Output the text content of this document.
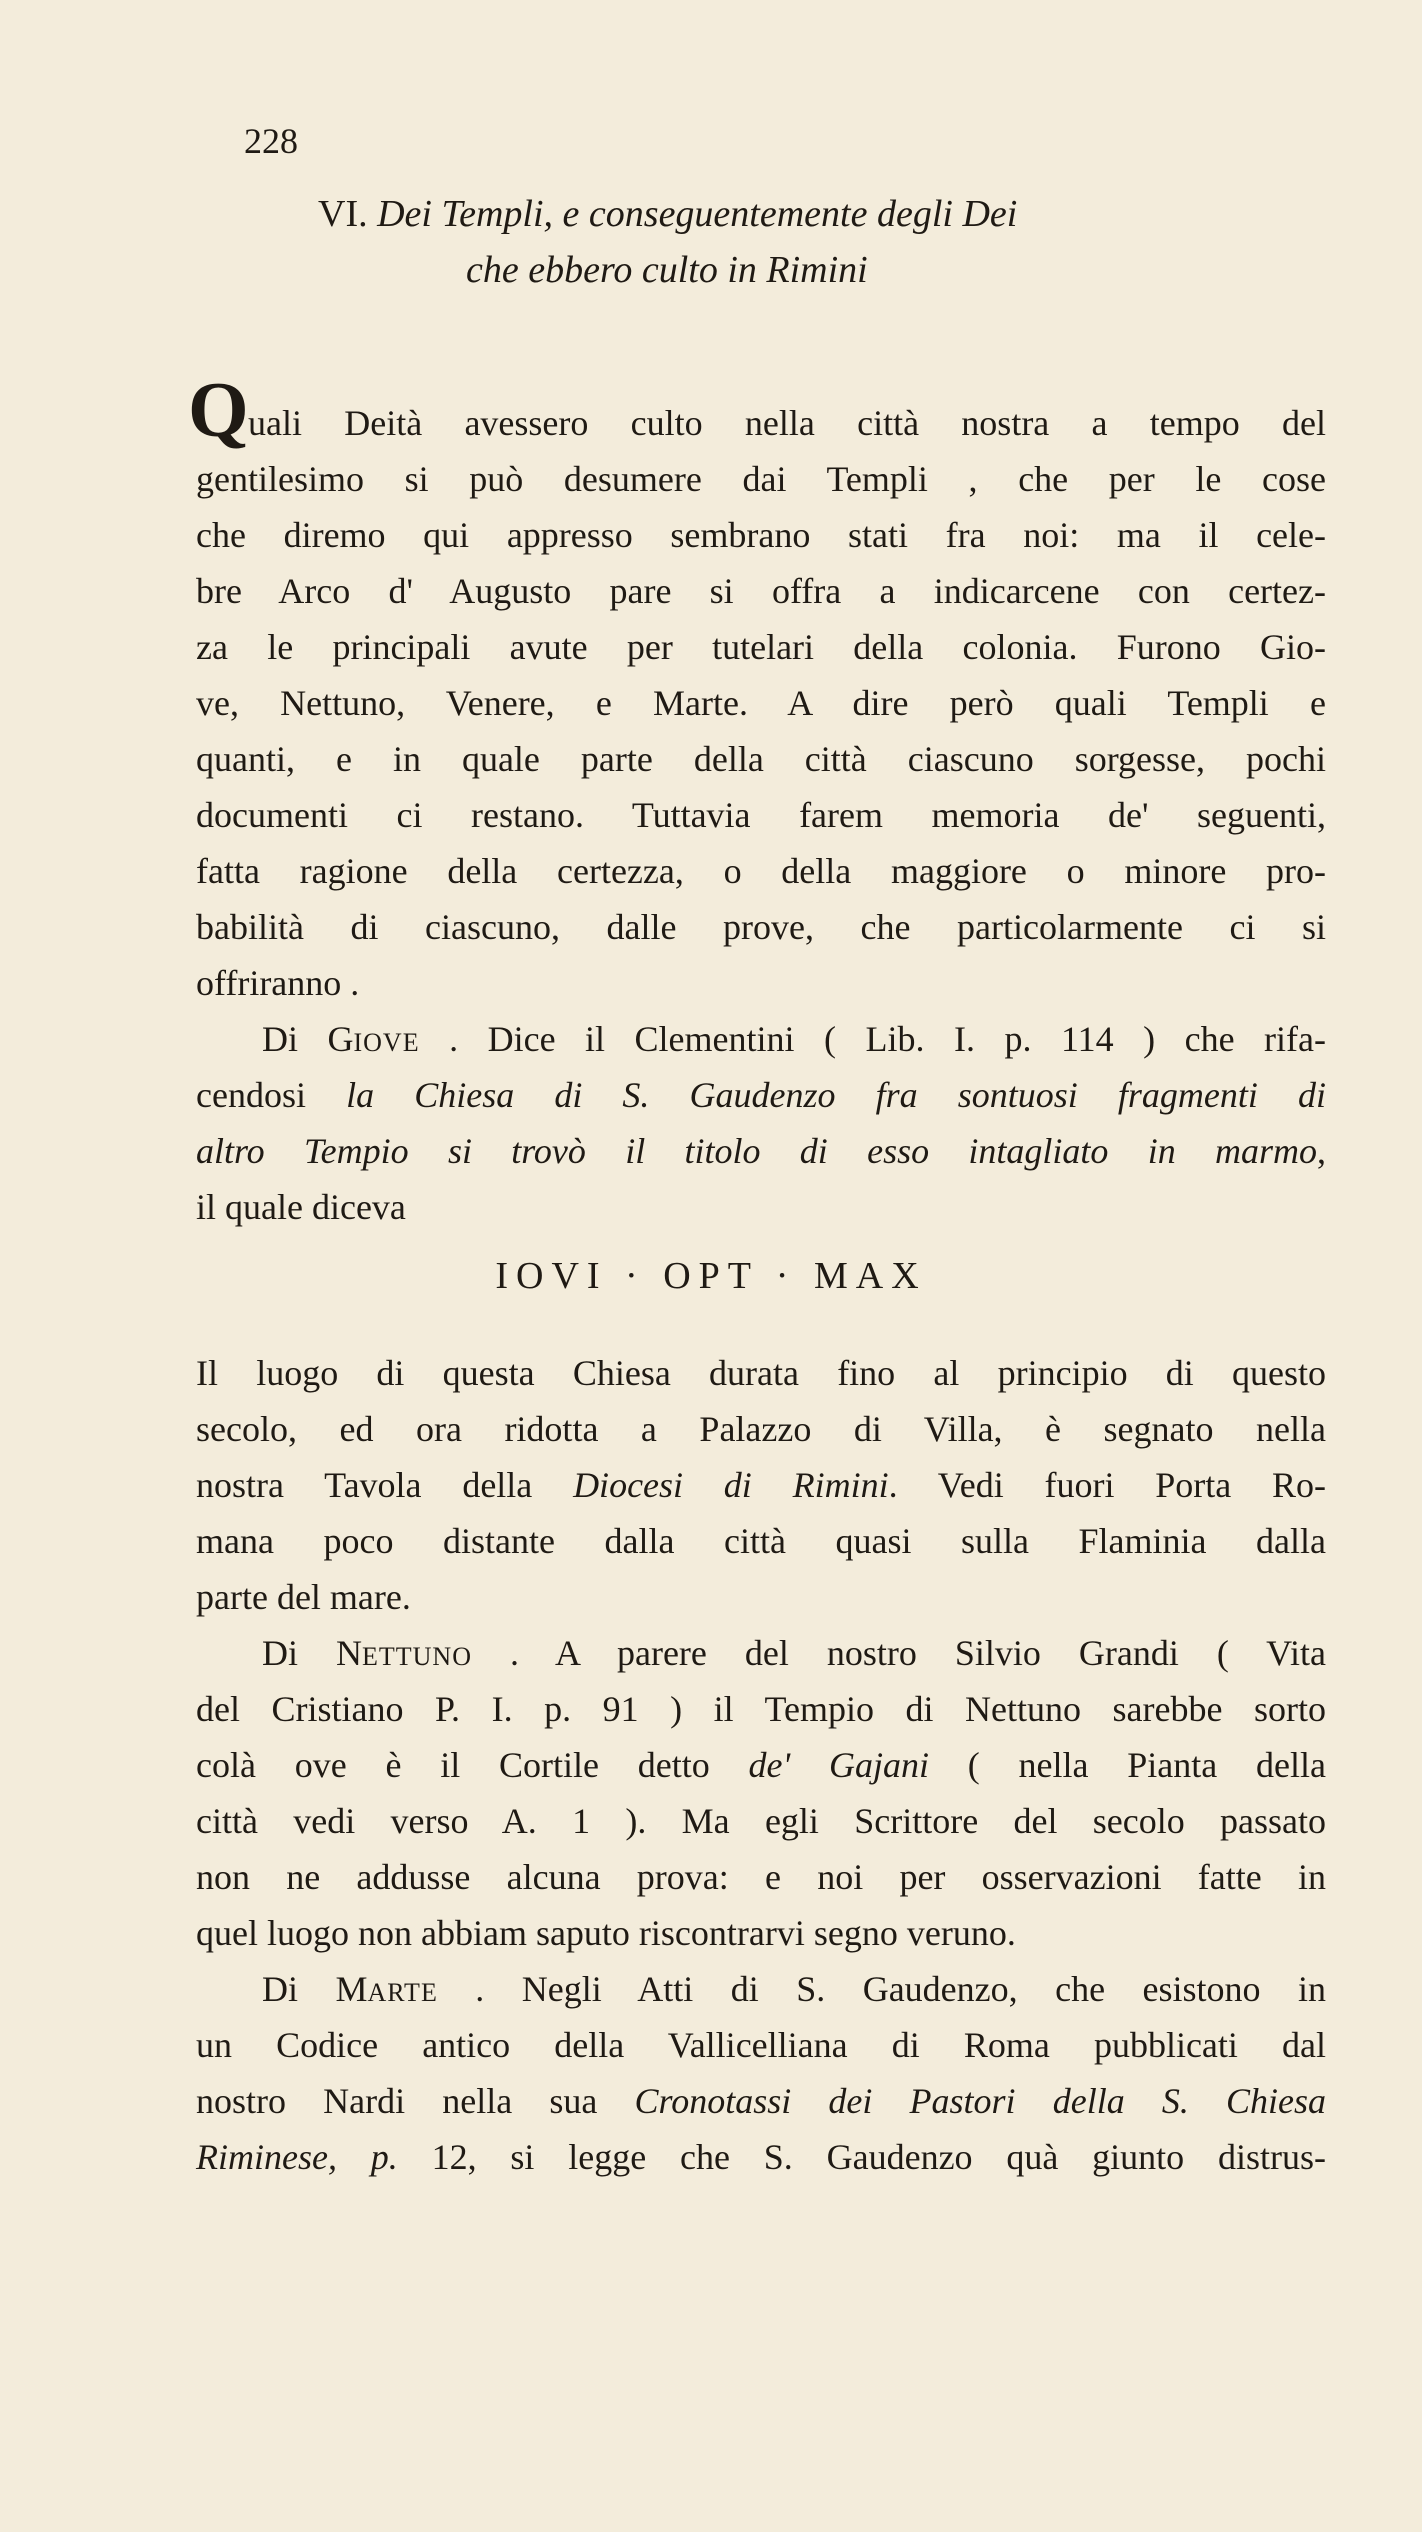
228
VI. Dei Templi, e conseguentemente degli Dei
che ebbero culto in Rimini
Q uali Deità avessero culto nella città nostra a tempo del
gentilesimo si può desumere dai Templi , che per le cose
che diremo qui appresso sembrano stati fra noi: ma il cele-
bre Arco d' Augusto pare si offra a indicarcene con certez-
za le principali avute per tutelari della colonia. Furono Gio-
ve, Nettuno, Venere, e Marte. A dire però quali Templi e
quanti, e in quale parte della città ciascuno sorgesse, pochi
documenti ci restano. Tuttavia farem memoria de' seguenti,
fatta ragione della certezza, o della maggiore o minore pro-
babilità di ciascuno, dalle prove, che particolarmente ci si
offriranno .
Di GIOVE . Dice il Clementini ( Lib. I. p. 114 ) che rifa-
cendosi la Chiesa di S. Gaudenzo fra sontuosi fragmenti di
altro Tempio si trovò il titolo di esso intagliato in marmo,
il quale diceva
IOVI · OPT · MAX
Il luogo di questa Chiesa durata fino al principio di questo
secolo, ed ora ridotta a Palazzo di Villa, è segnato nella
nostra Tavola della Diocesi di Rimini. Vedi fuori Porta Ro-
mana poco distante dalla città quasi sulla Flaminia dalla
parte del mare.
Di NETTUNO . A parere del nostro Silvio Grandi ( Vita
del Cristiano P. I. p. 91 ) il Tempio di Nettuno sarebbe sorto
colà ove è il Cortile detto de' Gajani ( nella Pianta della
città vedi verso A. 1 ). Ma egli Scrittore del secolo passato
non ne addusse alcuna prova: e noi per osservazioni fatte in
quel luogo non abbiam saputo riscontrarvi segno veruno.
Di MARTE . Negli Atti di S. Gaudenzo, che esistono in
un Codice antico della Vallicelliana di Roma pubblicati dal
nostro Nardi nella sua Cronotassi dei Pastori della S. Chiesa
Riminese, p. 12, si legge che S. Gaudenzo quà giunto distrus-
